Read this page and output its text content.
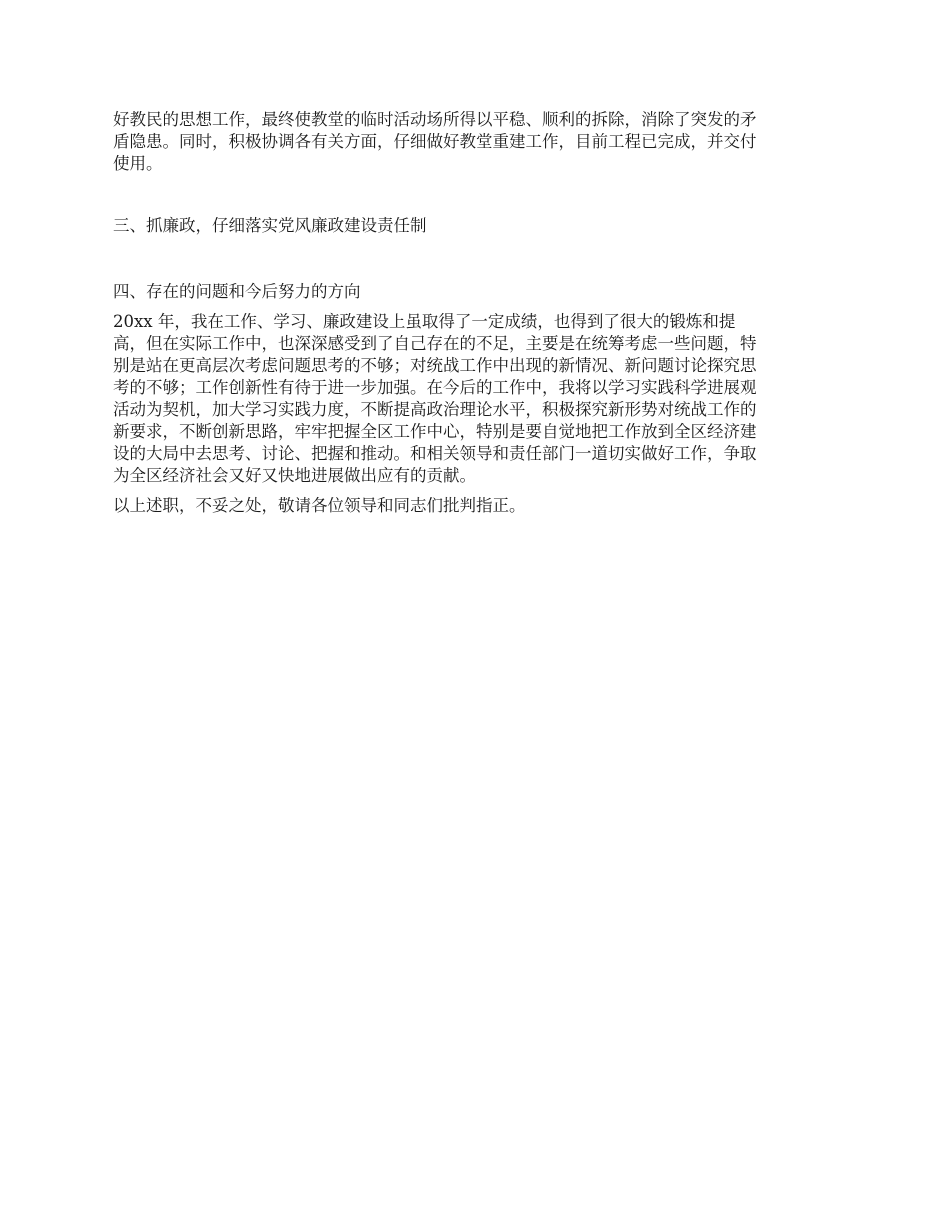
好教民的思想工作，最终使教堂的临时活动场所得以平稳、顺利的拆除，消除了突发的矛
盾隐患。同时，积极协调各有关方面，仔细做好教堂重建工作，目前工程已完成，并交付
使用。

三、抓廉政，仔细落实党风廉政建设责任制
四、存在的问题和今后努力的方向

20xx 年，我在工作、学习、廉政建设上虽取得了一定成绩，也得到了很大的锻炼和提
高，但在实际工作中，也深深感受到了自己存在的不足，主要是在统筹考虑一些问题，特
别是站在更高层次考虑问题思考的不够；对统战工作中出现的新情况、新问题讨论探究思
考的不够；工作创新性有待于进一步加强。在今后的工作中，我将以学习实践科学进展观
活动为契机，加大学习实践力度，不断提高政治理论水平，积极探究新形势对统战工作的
新要求，不断创新思路，牢牢把握全区工作中心，特别是要自觉地把工作放到全区经济建
设的大局中去思考、讨论、把握和推动。和相关领导和责任部门一道切实做好工作，争取
为全区经济社会又好又快地进展做出应有的贡献。

以上述职，不妥之处，敬请各位领导和同志们批判指正。
